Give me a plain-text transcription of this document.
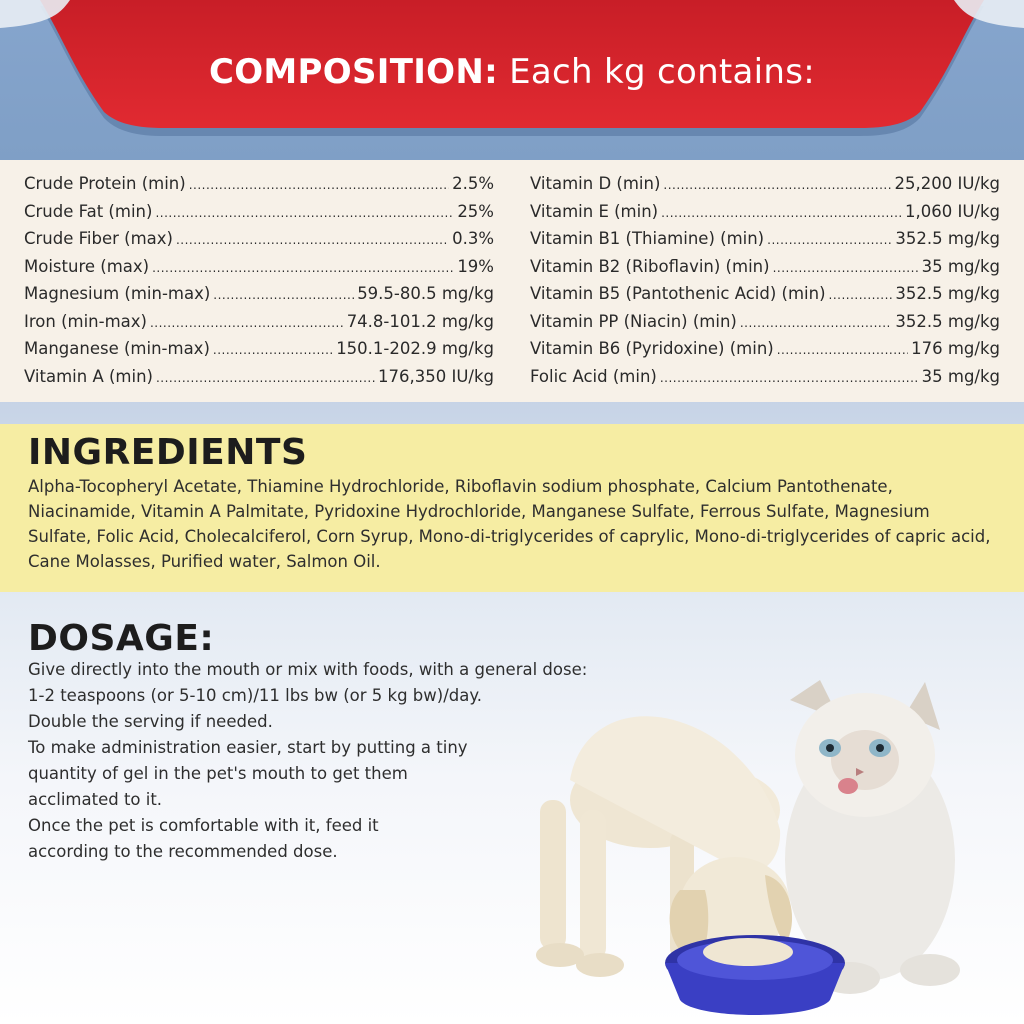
COMPOSITION: Each kg contains:
Crude Protein (min) .....	2.5%
Crude Fat (min) .....	25%
Crude Fiber (max) .....	0.3%
Moisture (max) .....	19%
Magnesium (min-max) .....	59.5-80.5 mg/kg
Iron (min-max) .....	74.8-101.2 mg/kg
Manganese (min-max) .....	150.1-202.9 mg/kg
Vitamin A (min) .....	176,350 IU/kg
Vitamin D (min) .....	25,200 IU/kg
Vitamin E (min) .....	1,060 IU/kg
Vitamin B1 (Thiamine) (min) .....	352.5 mg/kg
Vitamin B2 (Riboflavin) (min) .....	35 mg/kg
Vitamin B5 (Pantothenic Acid) (min) .....	352.5 mg/kg
Vitamin PP (Niacin) (min) .....	352.5 mg/kg
Vitamin B6 (Pyridoxine) (min) .....	176 mg/kg
Folic Acid (min) .....	35 mg/kg
INGREDIENTS
Alpha-Tocopheryl Acetate, Thiamine Hydrochloride, Riboflavin sodium phosphate, Calcium Pantothenate, Niacinamide, Vitamin A Palmitate, Pyridoxine Hydrochloride, Manganese Sulfate, Ferrous Sulfate, Magnesium Sulfate, Folic Acid, Cholecalciferol, Corn Syrup, Mono-di-triglycerides of caprylic, Mono-di-triglycerides of capric acid, Cane Molasses, Purified water, Salmon Oil.
DOSAGE:
Give directly into the mouth or mix with foods, with a general dose:
1-2 teaspoons (or 5-10 cm)/11 lbs bw (or 5 kg bw)/day.
Double the serving if needed.
To make administration easier, start by putting a tiny
quantity of gel in the pet's mouth to get them
acclimated to it.
Once the pet is comfortable with it, feed it
according to the recommended dose.
